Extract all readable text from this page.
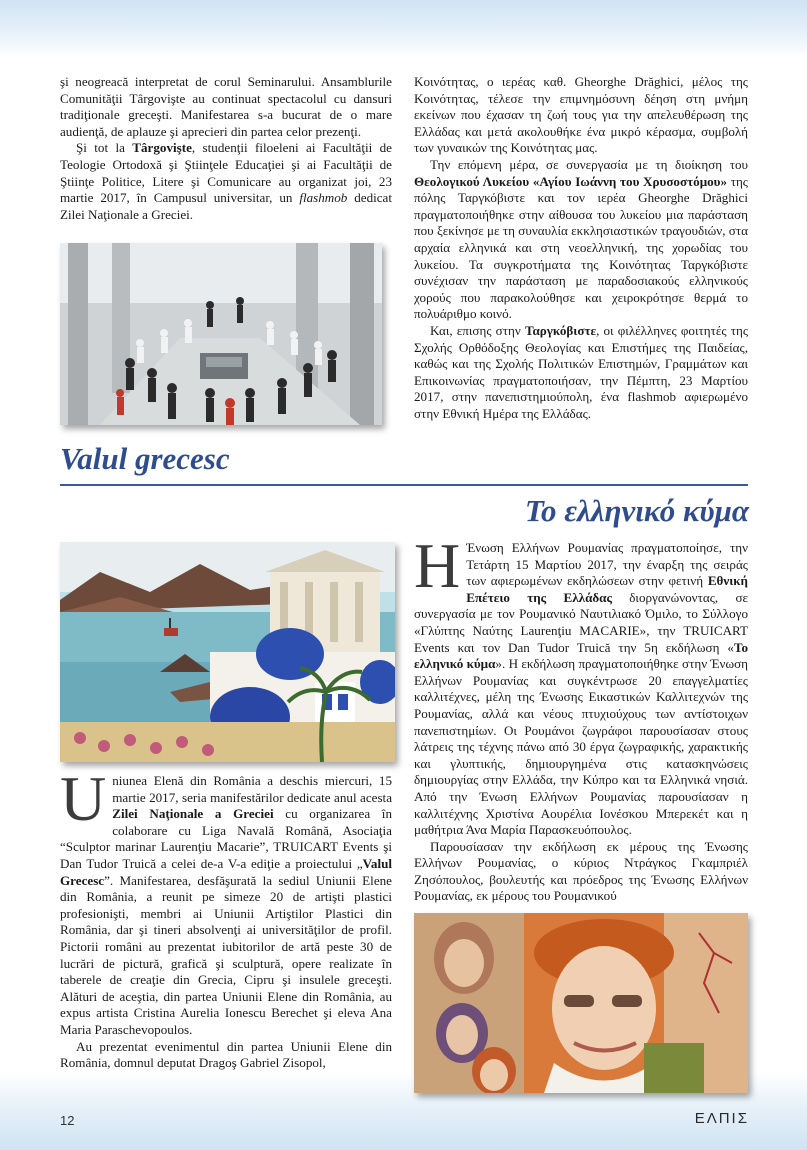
şi neogreacă interpretat de corul Seminarului. Ansamblurile Comunităţii Târgovişte au continuat spectacolul cu dansuri tradiţionale greceşti. Manifestarea s-a bucurat de o mare audienţă, de aplauze şi aprecieri din partea celor prezenţi.

Şi tot la Târgovişte, studenţii filoeleni ai Facultăţii de Teologie Ortodoxă şi Ştiinţele Educaţiei şi ai Facultăţii de Ştiinţe Politice, Litere şi Comunicare au organizat joi, 23 martie 2017, în Campusul universitar, un flashmob dedicat Zilei Naţionale a Greciei.

Κοινότητας, ο ιερέας καθ. Gheorghe Drăghici, μέλος της Κοινότητας, τέλεσε την επιμνημόσυνη δέηση στη μνήμη εκείνων που έχασαν τη ζωή τους για την απελευθέρωση της Ελλάδας και μετά ακολουθήκε ένα μικρό κέρασμα, συμβολή των γυναικών της Κοινότητας μας.

Την επόμενη μέρα, σε συνεργασία με τη διοίκηση του Θεολογικού Λυκείου «Αγίου Ιωάννη του Χρυσοστόμου» της πόλης Ταργκόβιστε και τον ιερέα Gheorghe Drăghici πραγματοποιήθηκε στην αίθουσα του λυκείου μια παράσταση που ξεκίνησε με τη συναυλία εκκλησιαστικών τραγουδιών, στα αρχαία ελληνικά και στη νεοελληνική, της χορωδίας του λυκείου. Τα συγκροτήματα της Κοινότητας Ταργκόβιστε συνέχισαν την παράσταση με παραδοσιακούς ελληνικούς χορούς που παρακολούθησε και χειροκρότησε θερμά το πολυάριθμο κοινό.

Και, επισης στην Ταργκόβιστε, οι φιλέλληνες φοιτητές της Σχολής Ορθόδοξης Θεολογίας και Επιστήμες της Παιδείας, καθώς και της Σχολής Πολιτικών Επιστημών, Γραμμάτων και Επικοινωνίας πραγματοποιήσαν, την Πέμπτη, 23 Μαρτίου 2017, στην πανεπιστημιούπολη, ένα flashmob αφιερωμένο στην Εθνική Ημέρα της Ελλάδας.

Valul grecesc
Το ελληνικό κύμα

Uniunea Elenă din România a deschis miercuri, 15 martie 2017, seria manifestărilor dedicate anul acesta Zilei Naţionale a Greciei cu organizarea în colaborare cu Liga Navală Română, Asociaţia “Sculptor marinar Laurenţiu Macarie”, TRUICART Events şi Dan Tudor Truică a celei de-a V-a ediţie a proiectului „Valul Grecesc”. Manifestarea, desfăşurată la sediul Uniunii Elene din România, a reunit pe simeze 20 de artişti plastici profesionişti, membri ai Uniunii Artiştilor Plastici din România, dar şi tineri absolvenţi ai universităţilor de profil. Pictorii români au prezentat iubitorilor de artă peste 30 de lucrări de pictură, grafică şi sculptură, opere realizate în taberele de creaţie din Grecia, Cipru şi insulele greceşti. Alături de aceştia, din partea Uniunii Elene din România, au expus artista Cristina Aurelia Ionescu Berechet şi eleva Ana Maria Paraschevopoulos.

Au prezentat evenimentul din partea Uniunii Elene din România, domnul deputat Dragoş Gabriel Zisopol,

Η Ένωση Ελλήνων Ρουμανίας πραγματοποίησε, την Τετάρτη 15 Μαρτίου 2017, την έναρξη της σειράς των αφιερωμένων εκδηλώσεων στην φετινή Εθνική Επέτειο της Ελλάδας διοργανώνοντας, σε συνεργασία με τον Ρουμανικό Ναυτιλιακό Όμιλο, το Σύλλογο «Γλύπτης Ναύτης Laurenţiu MACARIE», την TRUICART Events και τον Dan Tudor Truică την 5η εκδήλωση «Το ελληνικό κύμα». Η εκδήλωση πραγματοποιήθηκε στην Ένωση Ελλήνων Ρουμανίας και συγκέντρωσε 20 επαγγελματίες καλλιτέχνες, μέλη της Ένωσης Εικαστικών Καλλιτεχνών της Ρουμανίας, αλλά και νέους πτυχιούχους των αντίστοιχων πανεπιστημίων. Οι Ρουμάνοι ζωγράφοι παρουσίασαν στους λάτρεις της τέχνης πάνω από 30 έργα ζωγραφικής, χαρακτικής και γλυπτικής, δημιουργημένα στις κατασκηνώσεις δημιουργίας στην Ελλάδα, την Κύπρο και τα Ελληνικά νησιά. Από την Ένωση Ελλήνων Ρουμανίας παρουσίασαν η καλλιτέχνης Χριστίνα Αουρέλια Ιονέσκου Μπερεκέτ και η μαθήτρια Άνα Μαρία Παρασκευόπουλος.

Παρουσίασαν την εκδήλωση εκ μέρους της Ένωσης Ελλήνων Ρουμανίας, ο κύριος Ντράγκος Γκαμπριέλ Ζησόπουλος, βουλευτής και πρόεδρος της Ένωσης Ελλήνων Ρουμανίας, εκ μέρους του Ρουμανικού

12	ΕΛΠΙΣ
